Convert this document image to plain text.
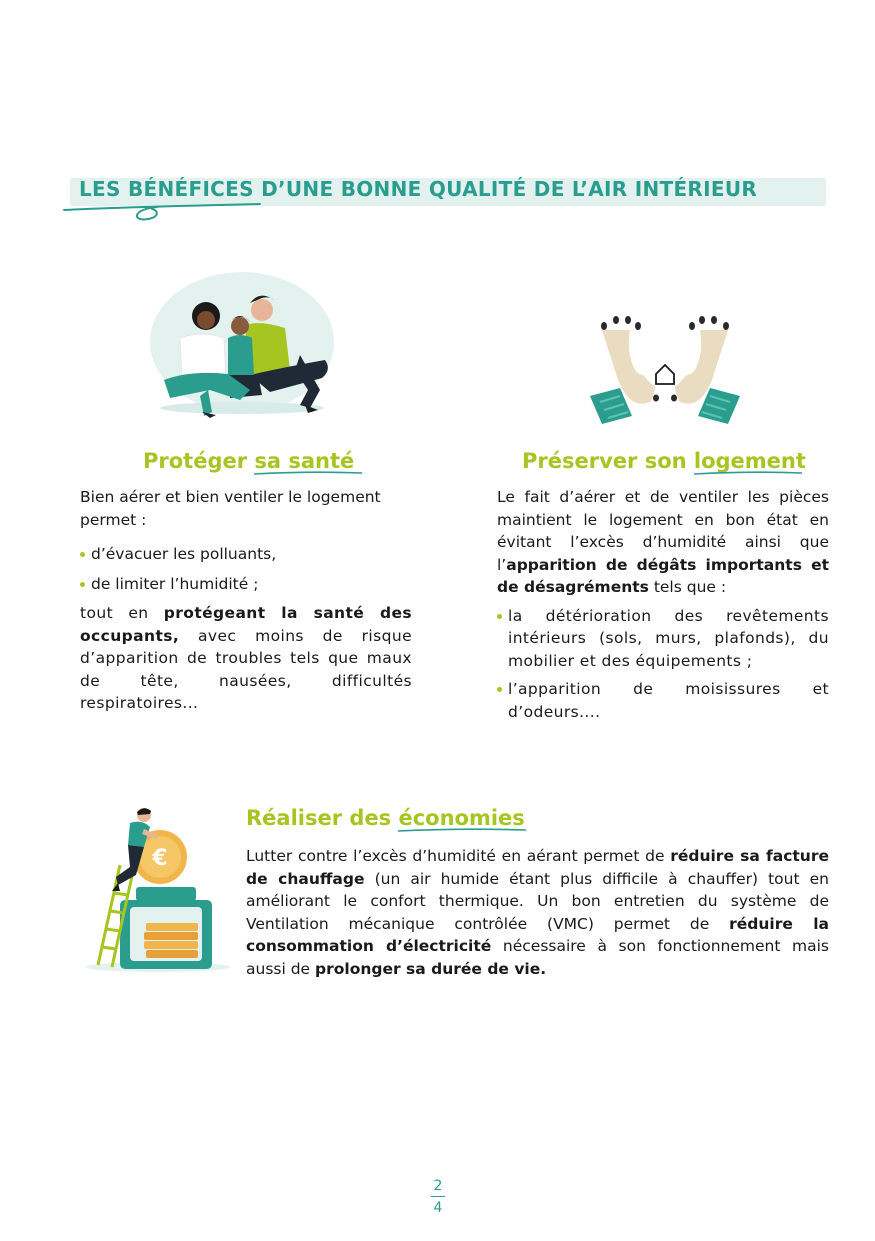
LES BÉNÉFICES D’UNE BONNE QUALITÉ DE L’AIR INTÉRIEUR
Protéger sa santé
Bien aérer et bien ventiler le logement permet :
d’évacuer les polluants,
de limiter l’humidité ;
tout en protégeant la santé des occupants, avec moins de risque d’apparition de troubles tels que maux de tête, nausées, difficultés respiratoires...
Préserver son logement
Le fait d’aérer et de ventiler les pièces maintient le logement en bon état en évitant l’excès d’humidité ainsi que l’apparition de dégâts importants et de désagréments tels que :
la détérioration des revêtements intérieurs (sols, murs, plafonds), du mobilier et des équipements ;
l’apparition de moisissures et d’odeurs....
€
Réaliser des économies
Lutter contre l’excès d’humidité en aérant permet de réduire sa facture de chauffage (un air humide étant plus difficile à chauffer) tout en améliorant le confort thermique. Un bon entretien du système de Ventilation mécanique contrôlée (VMC) permet de réduire la consommation d’électricité nécessaire à son fonctionnement mais aussi de prolonger sa durée de vie.
2
4
